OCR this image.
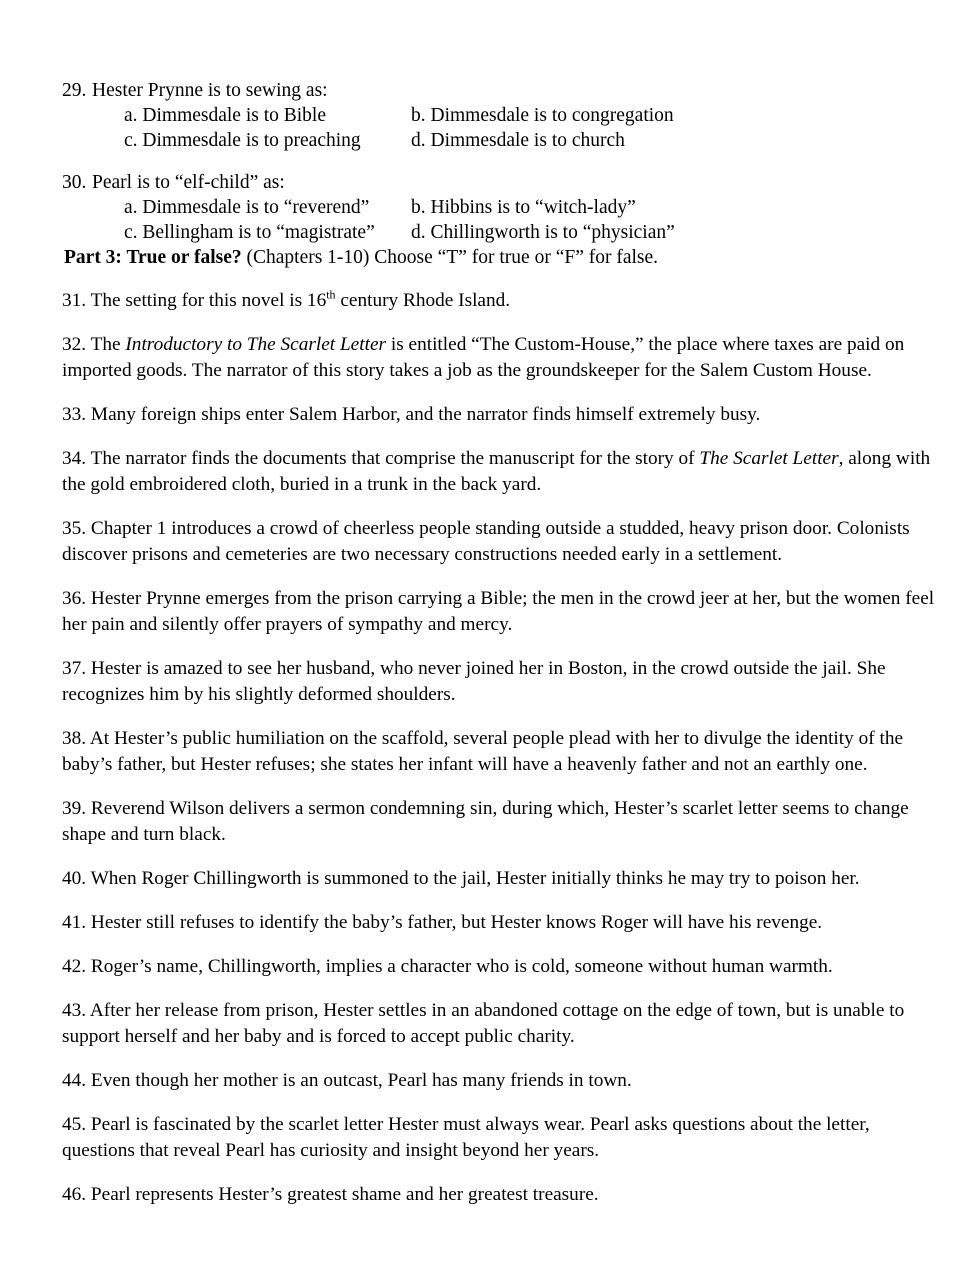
29. Hester Prynne is to sewing as:
a. Dimmesdale is to Bible	b. Dimmesdale is to congregation
c. Dimmesdale is to preaching	d. Dimmesdale is to church
30. Pearl is to “elf-child” as:
a. Dimmesdale is to “reverend” b. Hibbins is to “witch-lady”
c. Bellingham is to “magistrate” d. Chillingworth is to “physician”
Part 3: True or false? (Chapters 1-10) Choose “T” for true or “F” for false.
31. The setting for this novel is 16th century Rhode Island.
32. The Introductory to The Scarlet Letter is entitled “The Custom-House,” the place where taxes are paid on imported goods. The narrator of this story takes a job as the groundskeeper for the Salem Custom House.
33. Many foreign ships enter Salem Harbor, and the narrator finds himself extremely busy.
34. The narrator finds the documents that comprise the manuscript for the story of The Scarlet Letter, along with the gold embroidered cloth, buried in a trunk in the back yard.
35. Chapter 1 introduces a crowd of cheerless people standing outside a studded, heavy prison door. Colonists discover prisons and cemeteries are two necessary constructions needed early in a settlement.
36. Hester Prynne emerges from the prison carrying a Bible; the men in the crowd jeer at her, but the women feel her pain and silently offer prayers of sympathy and mercy.
37. Hester is amazed to see her husband, who never joined her in Boston, in the crowd outside the jail. She recognizes him by his slightly deformed shoulders.
38. At Hester’s public humiliation on the scaffold, several people plead with her to divulge the identity of the baby’s father, but Hester refuses; she states her infant will have a heavenly father and not an earthly one.
39. Reverend Wilson delivers a sermon condemning sin, during which, Hester’s scarlet letter seems to change shape and turn black.
40. When Roger Chillingworth is summoned to the jail, Hester initially thinks he may try to poison her.
41. Hester still refuses to identify the baby’s father, but Hester knows Roger will have his revenge.
42. Roger’s name, Chillingworth, implies a character who is cold, someone without human warmth.
43. After her release from prison, Hester settles in an abandoned cottage on the edge of town, but is unable to support herself and her baby and is forced to accept public charity.
44. Even though her mother is an outcast, Pearl has many friends in town.
45. Pearl is fascinated by the scarlet letter Hester must always wear. Pearl asks questions about the letter, questions that reveal Pearl has curiosity and insight beyond her years.
46. Pearl represents Hester’s greatest shame and her greatest treasure.
